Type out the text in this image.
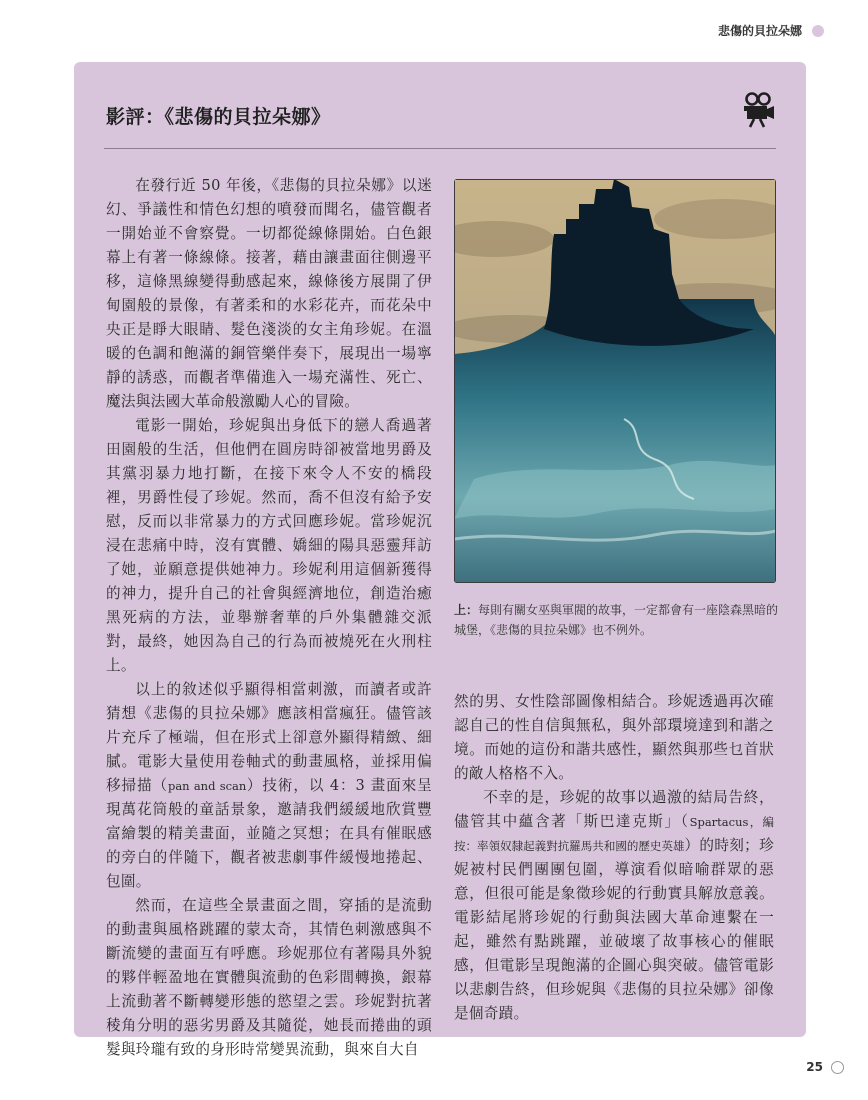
悲傷的貝拉朵娜
影評：《悲傷的貝拉朵娜》

在發行近 50 年後，《悲傷的貝拉朵娜》以迷幻、爭議性和情色幻想的噴發而聞名，儘管觀者一開始並不會察覺。一切都從線條開始。白色銀幕上有著一條線條。接著，藉由讓畫面往側邊平移，這條黑線變得動感起來，線條後方展開了伊甸園般的景像，有著柔和的水彩花卉，而花朵中央正是睜大眼睛、髮色淺淡的女主角珍妮。在溫暖的色調和飽滿的銅管樂伴奏下，展現出一場寧靜的誘惑，而觀者準備進入一場充滿性、死亡、魔法與法國大革命般激勵人心的冒險。

電影一開始，珍妮與出身低下的戀人喬過著田園般的生活，但他們在圓房時卻被當地男爵及其黨羽暴力地打斷，在接下來令人不安的橋段裡，男爵性侵了珍妮。然而，喬不但沒有給予安慰，反而以非常暴力的方式回應珍妮。當珍妮沉浸在悲痛中時，沒有實體、嬌細的陽具惡靈拜訪了她，並願意提供她神力。珍妮利用這個新獲得的神力，提升自己的社會與經濟地位，創造治癒黑死病的方法，並舉辦奢華的戶外集體雜交派對，最終，她因為自己的行為而被燒死在火刑柱上。

以上的敘述似乎顯得相當刺激，而讀者或許猜想《悲傷的貝拉朵娜》應該相當瘋狂。儘管該片充斥了極端，但在形式上卻意外顯得精緻、細膩。電影大量使用卷軸式的動畫風格，並採用偏移掃描（pan and scan）技術，以 4：3 畫面來呈現萬花筒般的童話景象，邀請我們緩緩地欣賞豐富繪製的精美畫面，並隨之冥想；在具有催眠感的旁白的伴隨下，觀者被悲劇事件緩慢地捲起、包圍。

然而，在這些全景畫面之間，穿插的是流動的動畫與風格跳躍的蒙太奇，其情色刺激感與不斷流變的畫面互有呼應。珍妮那位有著陽具外貌的夥伴輕盈地在實體與流動的色彩間轉換，銀幕上流動著不斷轉變形態的慾望之雲。珍妮對抗著稜角分明的惡劣男爵及其隨從，她長而捲曲的頭髮與玲瓏有致的身形時常變異流動，與來自大自

上：每則有關女巫與軍閥的故事，一定都會有一座陰森黑暗的城堡，《悲傷的貝拉朵娜》也不例外。

然的男、女性陰部圖像相結合。珍妮透過再次確認自己的性自信與無私，與外部環境達到和諧之境。而她的這份和諧共感性，顯然與那些乜首狀的敵人格格不入。

不幸的是，珍妮的故事以過激的結局告終，儘管其中蘊含著「斯巴達克斯」（Spartacus，編按：率領奴隸起義對抗羅馬共和國的歷史英雄）的時刻；珍妮被村民們團團包圍，導演看似暗喻群眾的惡意，但很可能是象徵珍妮的行動實具解放意義。電影結尾將珍妮的行動與法國大革命連繫在一起，雖然有點跳躍，並破壞了故事核心的催眠感，但電影呈現飽滿的企圖心與突破。儘管電影以悲劇告終，但珍妮與《悲傷的貝拉朵娜》卻像是個奇蹟。

25
